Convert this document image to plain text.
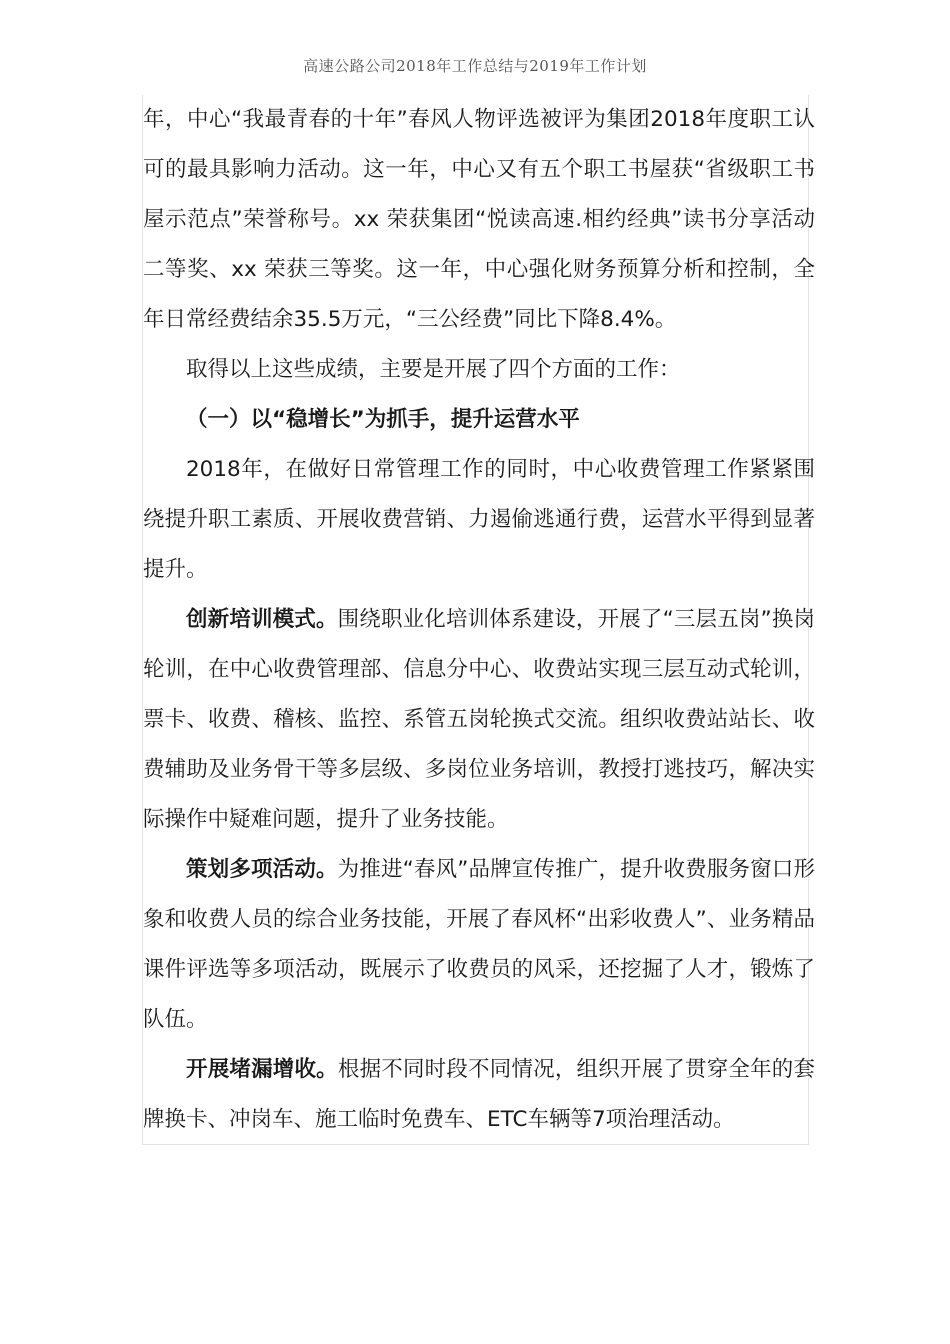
高速公路公司2018年工作总结与2019年工作计划

年，中心“我最青春的十年”春风人物评选被评为集团2018年度职工认可的最具影响力活动。这一年，中心又有五个职工书屋获“省级职工书屋示范点”荣誉称号。xx 荣获集团“悦读高速.相约经典”读书分享活动二等奖、xx 荣获三等奖。这一年，中心强化财务预算分析和控制，全年日常经费结余35.5万元，“三公经费”同比下降8.4%。

取得以上这些成绩，主要是开展了四个方面的工作：

（一）以“稳增长”为抓手，提升运营水平

2018年，在做好日常管理工作的同时，中心收费管理工作紧紧围绕提升职工素质、开展收费营销、力遏偷逃通行费，运营水平得到显著提升。

创新培训模式。围绕职业化培训体系建设，开展了“三层五岗”换岗轮训，在中心收费管理部、信息分中心、收费站实现三层互动式轮训，票卡、收费、稽核、监控、系管五岗轮换式交流。组织收费站站长、收费辅助及业务骨干等多层级、多岗位业务培训，教授打逃技巧，解决实际操作中疑难问题，提升了业务技能。

策划多项活动。为推进“春风”品牌宣传推广，提升收费服务窗口形象和收费人员的综合业务技能，开展了春风杯“出彩收费人”、业务精品课件评选等多项活动，既展示了收费员的风采，还挖掘了人才，锻炼了队伍。

开展堵漏增收。根据不同时段不同情况，组织开展了贯穿全年的套牌换卡、冲岗车、施工临时免费车、ETC车辆等7项治理活动。
